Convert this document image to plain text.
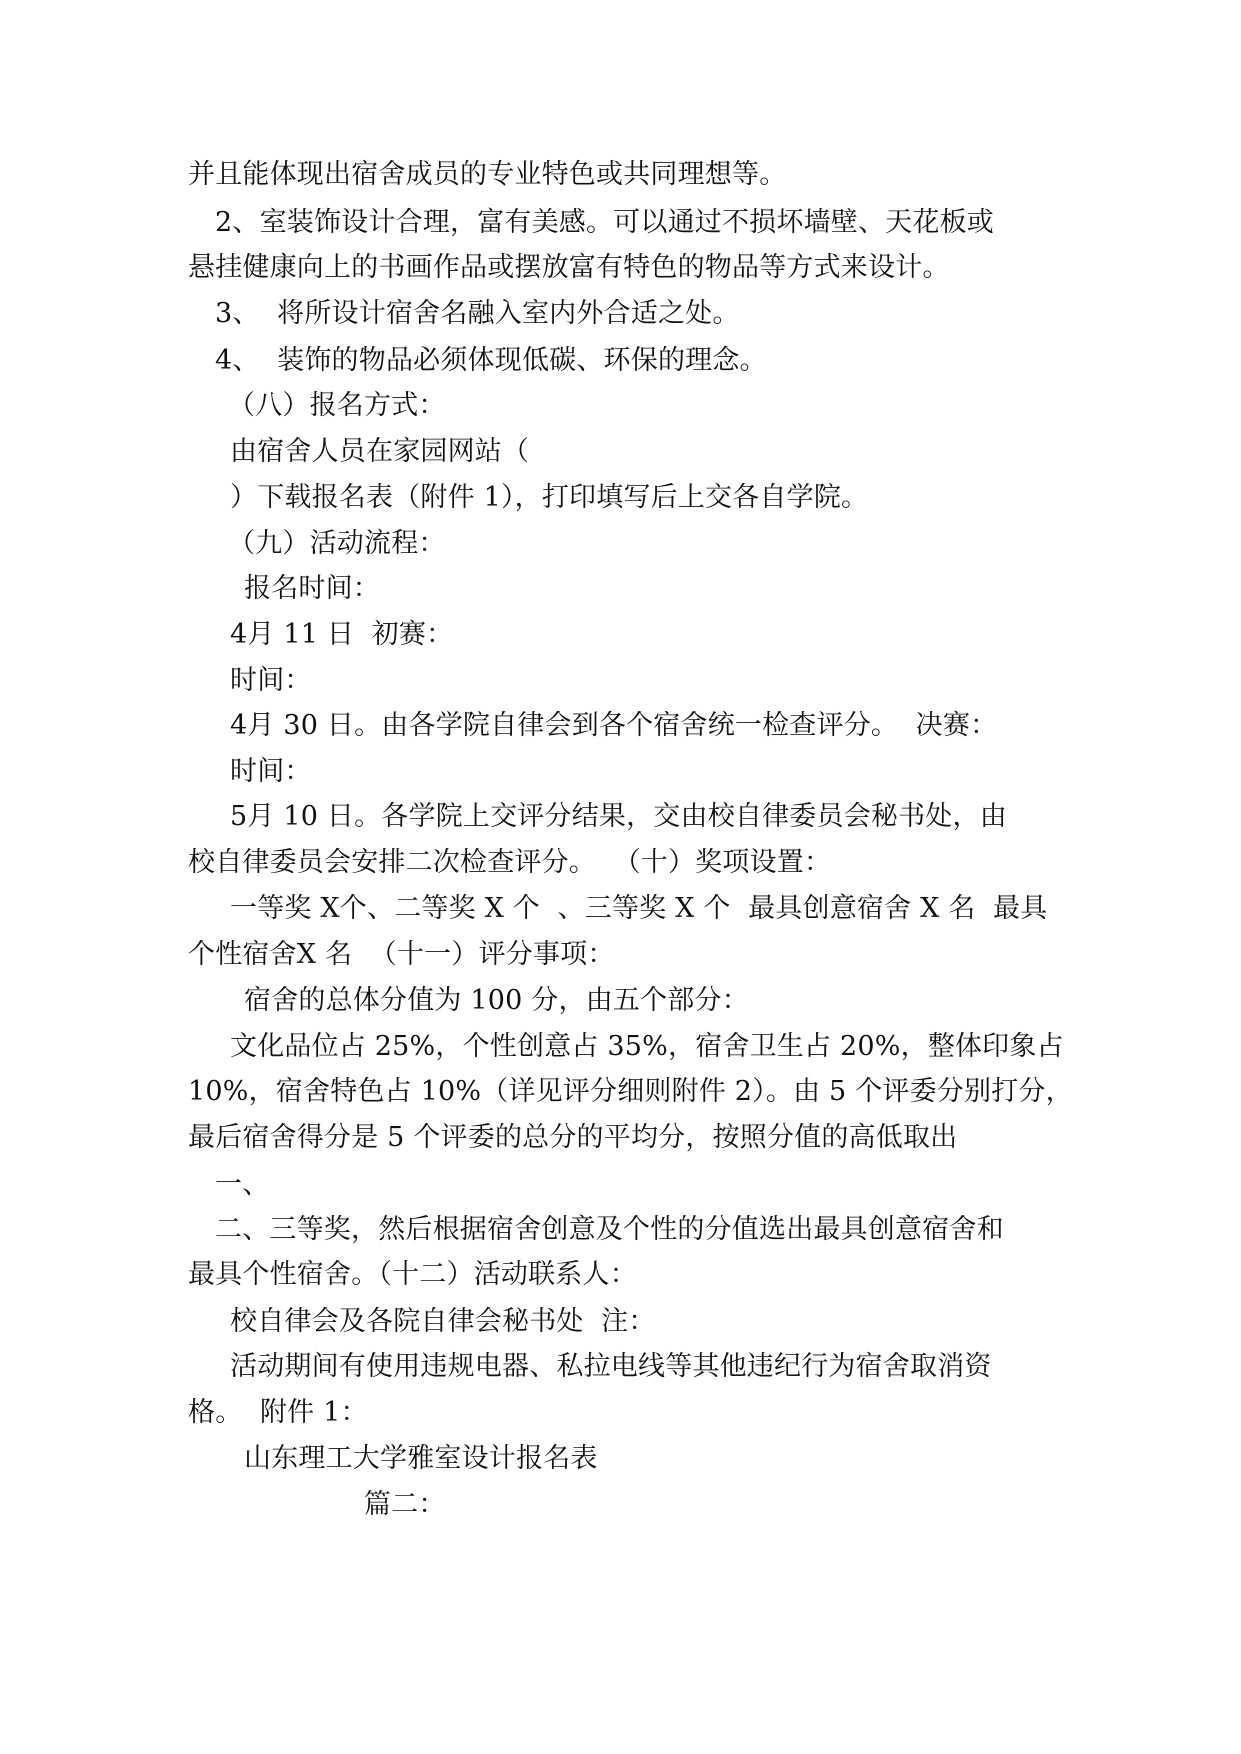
并且能体现出宿舍成员的专业特色或共同理想等。
2、室装饰设计合理，富有美感。可以通过不损坏墙壁、天花板或
悬挂健康向上的书画作品或摆放富有特色的物品等方式来设计。
3、  将所设计宿舍名融入室内外合适之处。
4、  装饰的物品必须体现低碳、环保的理念。
（八）报名方式：
由宿舍人员在家园网站（
）下载报名表（附件 1），打印填写后上交各自学院。
（九）活动流程：
报名时间：
4月 11 日  初赛：
时间：
4月 30 日。由各学院自律会到各个宿舍统一检查评分。  决赛：
时间：
5月 10 日。各学院上交评分结果，交由校自律委员会秘书处，由
校自律委员会安排二次检查评分。  （十）奖项设置：
一等奖 X个、二等奖 X 个  、三等奖 X 个  最具创意宿舍 X 名  最具
个性宿舍X 名  （十一）评分事项：
宿舍的总体分值为 100 分，由五个部分：
文化品位占 25%，个性创意占 35%，宿舍卫生占 20%，整体印象占
10%，宿舍特色占 10%（详见评分细则附件 2）。由 5 个评委分别打分，
最后宿舍得分是 5 个评委的总分的平均分，按照分值的高低取出
一、
二、三等奖，然后根据宿舍创意及个性的分值选出最具创意宿舍和
最具个性宿舍。（十二）活动联系人：
校自律会及各院自律会秘书处  注：
活动期间有使用违规电器、私拉电线等其他违纪行为宿舍取消资
格。  附件 1：
山东理工大学雅室设计报名表
篇二：
